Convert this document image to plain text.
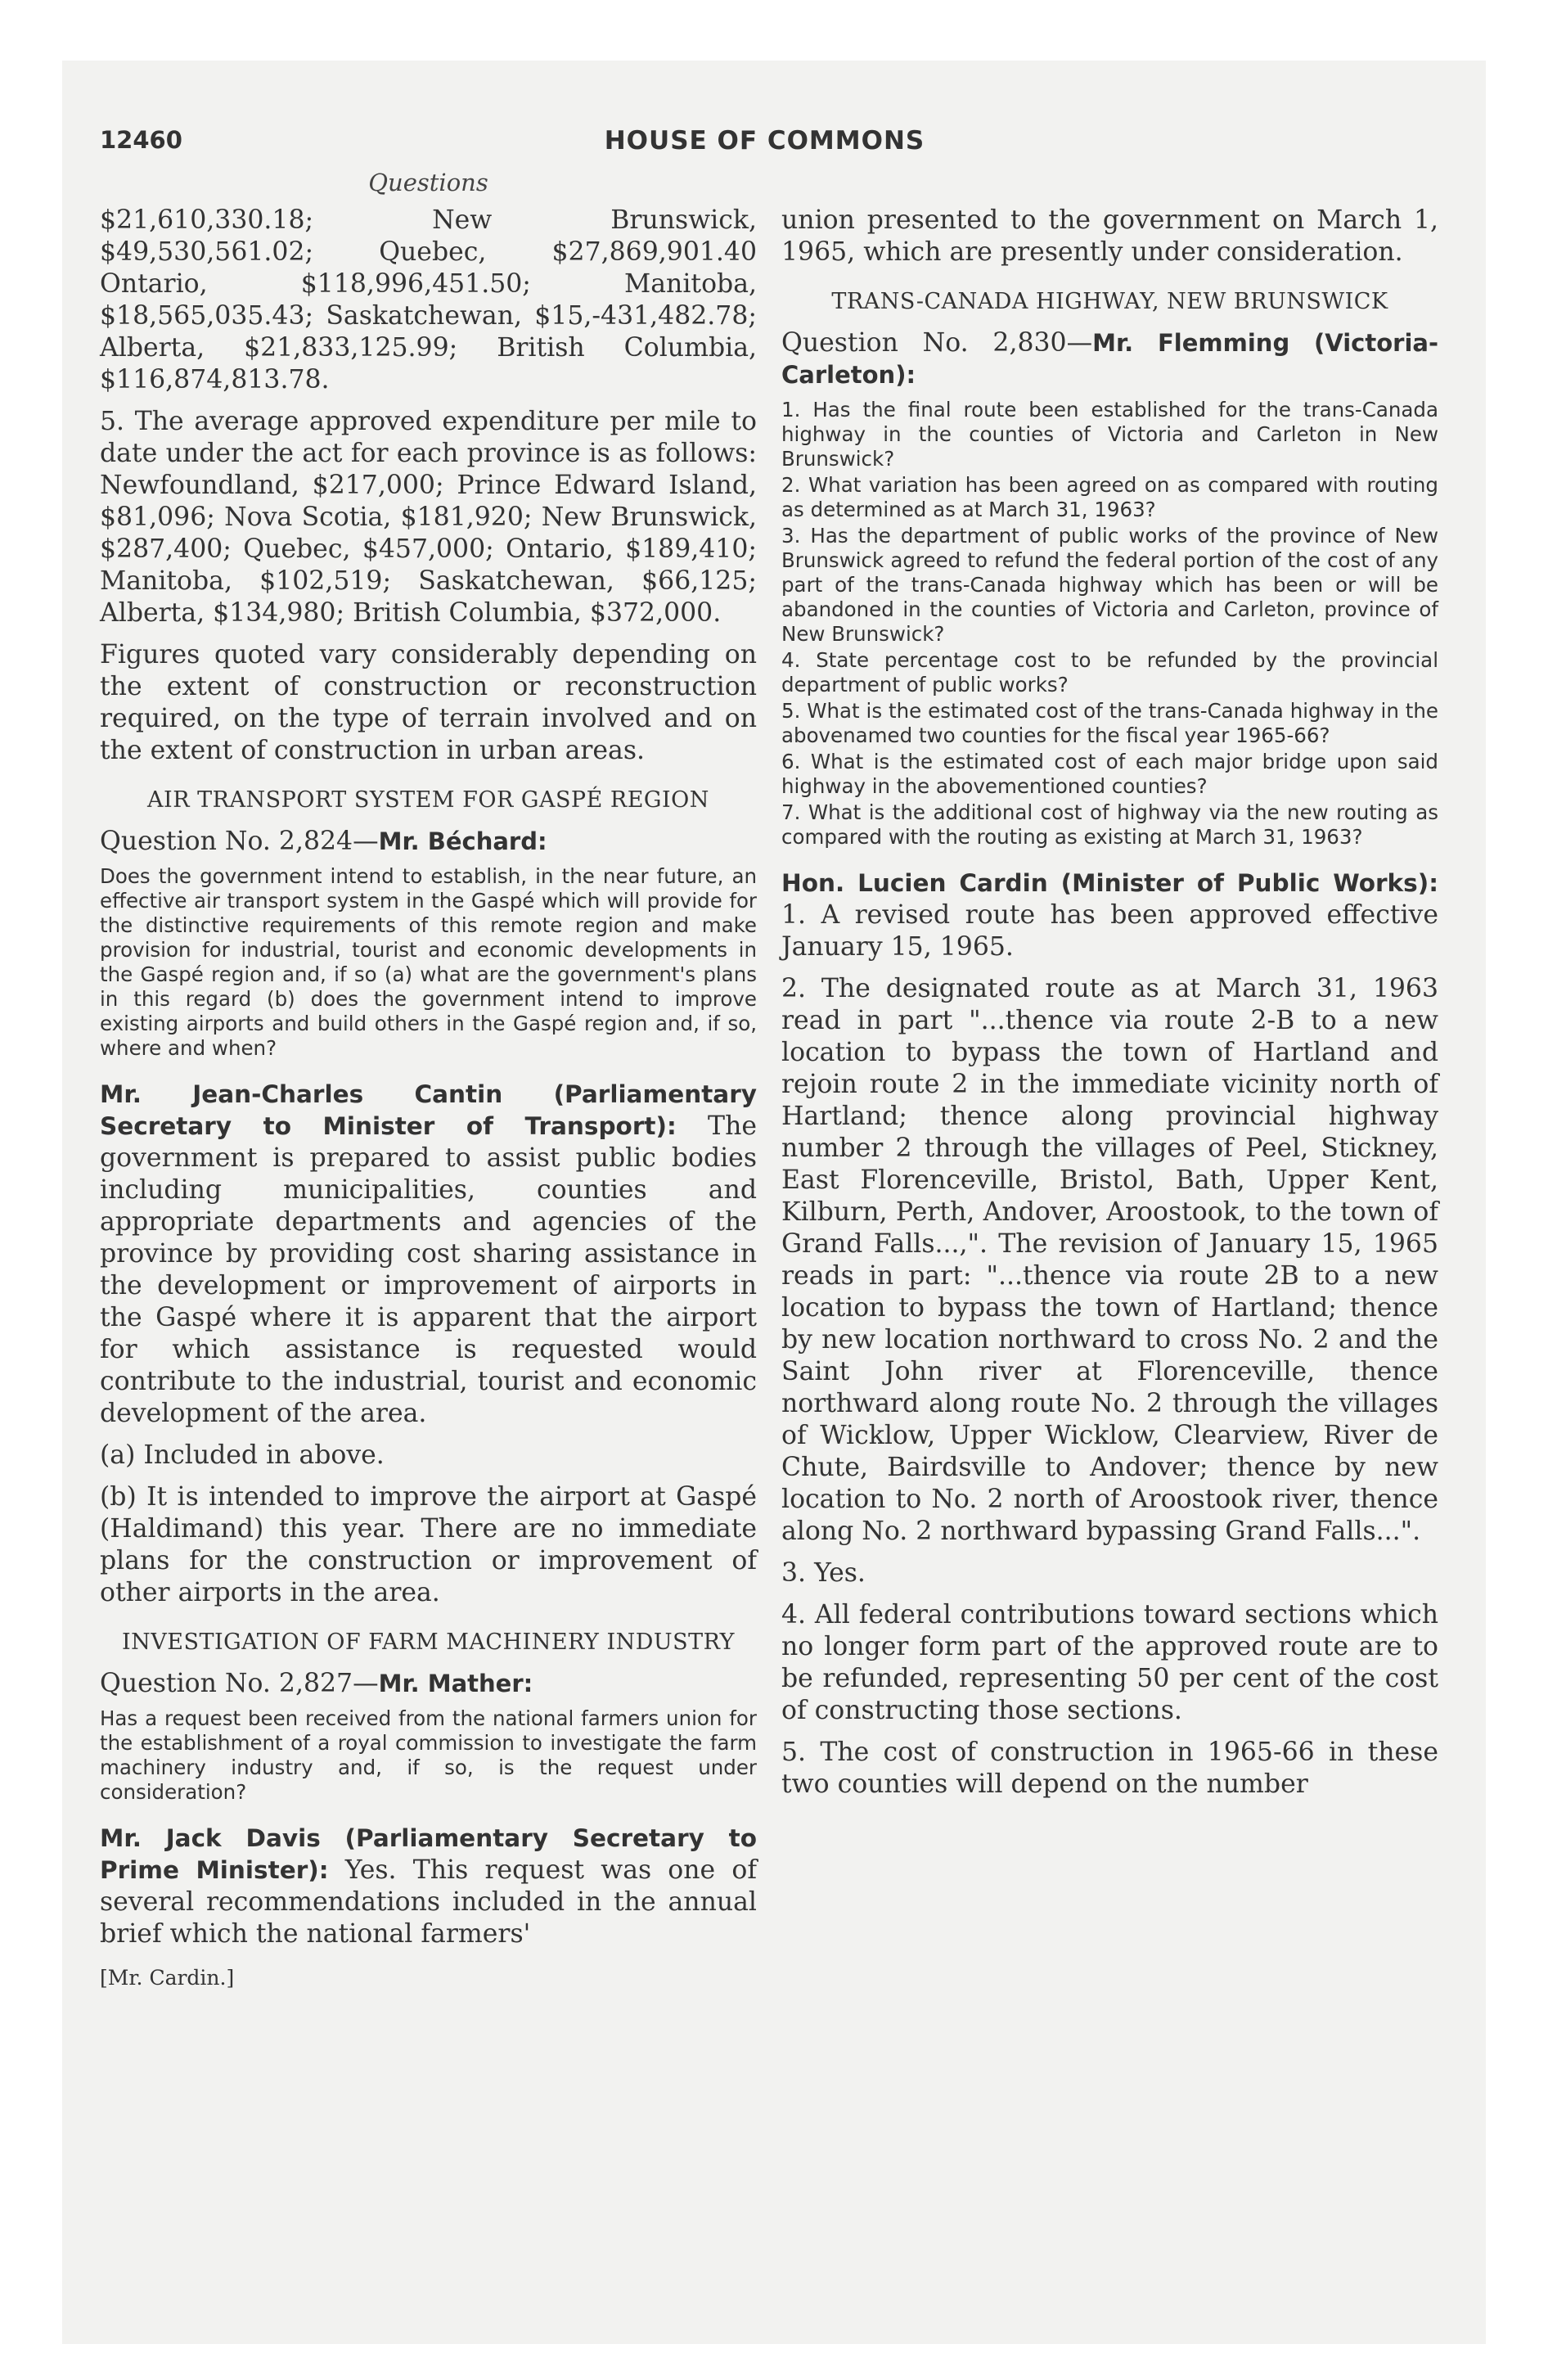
12460	HOUSE OF COMMONS
Questions

$21,610,330.18; New Brunswick, $49,530,561.02; Quebec, $27,869,901.40 Ontario, $118,996,451.50; Manitoba, $18,565,035.43; Saskatchewan, $15,-431,482.78; Alberta, $21,833,125.99; British Columbia, $116,874,813.78.

5. The average approved expenditure per mile to date under the act for each province is as follows: Newfoundland, $217,000; Prince Edward Island, $81,096; Nova Scotia, $181,920; New Brunswick, $287,400; Quebec, $457,000; Ontario, $189,410; Manitoba, $102,519; Saskatchewan, $66,125; Alberta, $134,980; British Columbia, $372,000.

Figures quoted vary considerably depending on the extent of construction or reconstruction required, on the type of terrain involved and on the extent of construction in urban areas.

AIR TRANSPORT SYSTEM FOR GASPÉ REGION

Question No. 2,824—Mr. Béchard:

Does the government intend to establish, in the near future, an effective air transport system in the Gaspé which will provide for the distinctive requirements of this remote region and make provision for industrial, tourist and economic developments in the Gaspé region and, if so (a) what are the government's plans in this regard (b) does the government intend to improve existing airports and build others in the Gaspé region and, if so, where and when?

Mr. Jean-Charles Cantin (Parliamentary Secretary to Minister of Transport): The government is prepared to assist public bodies including municipalities, counties and appropriate departments and agencies of the province by providing cost sharing assistance in the development or improvement of airports in the Gaspé where it is apparent that the airport for which assistance is requested would contribute to the industrial, tourist and economic development of the area.

(a) Included in above.

(b) It is intended to improve the airport at Gaspé (Haldimand) this year. There are no immediate plans for the construction or improvement of other airports in the area.

INVESTIGATION OF FARM MACHINERY INDUSTRY

Question No. 2,827—Mr. Mather:

Has a request been received from the national farmers union for the establishment of a royal commission to investigate the farm machinery industry and, if so, is the request under consideration?

Mr. Jack Davis (Parliamentary Secretary to Prime Minister): Yes. This request was one of several recommendations included in the annual brief which the national farmers'

[Mr. Cardin.]

union presented to the government on March 1, 1965, which are presently under consideration.

TRANS-CANADA HIGHWAY, NEW BRUNSWICK

Question No. 2,830—Mr. Flemming (Victoria-Carleton):

1. Has the final route been established for the trans-Canada highway in the counties of Victoria and Carleton in New Brunswick?

2. What variation has been agreed on as compared with routing as determined as at March 31, 1963?

3. Has the department of public works of the province of New Brunswick agreed to refund the federal portion of the cost of any part of the trans-Canada highway which has been or will be abandoned in the counties of Victoria and Carleton, province of New Brunswick?

4. State percentage cost to be refunded by the provincial department of public works?

5. What is the estimated cost of the trans-Canada highway in the abovenamed two counties for the fiscal year 1965-66?

6. What is the estimated cost of each major bridge upon said highway in the abovementioned counties?

7. What is the additional cost of highway via the new routing as compared with the routing as existing at March 31, 1963?

Hon. Lucien Cardin (Minister of Public Works): 1. A revised route has been approved effective January 15, 1965.

2. The designated route as at March 31, 1963 read in part "...thence via route 2-B to a new location to bypass the town of Hartland and rejoin route 2 in the immediate vicinity north of Hartland; thence along provincial highway number 2 through the villages of Peel, Stickney, East Florenceville, Bristol, Bath, Upper Kent, Kilburn, Perth, Andover, Aroostook, to the town of Grand Falls...,". The revision of January 15, 1965 reads in part: "...thence via route 2B to a new location to bypass the town of Hartland; thence by new location northward to cross No. 2 and the Saint John river at Florenceville, thence northward along route No. 2 through the villages of Wicklow, Upper Wicklow, Clearview, River de Chute, Bairdsville to Andover; thence by new location to No. 2 north of Aroostook river, thence along No. 2 northward bypassing Grand Falls...".

3. Yes.

4. All federal contributions toward sections which no longer form part of the approved route are to be refunded, representing 50 per cent of the cost of constructing those sections.

5. The cost of construction in 1965-66 in these two counties will depend on the number
